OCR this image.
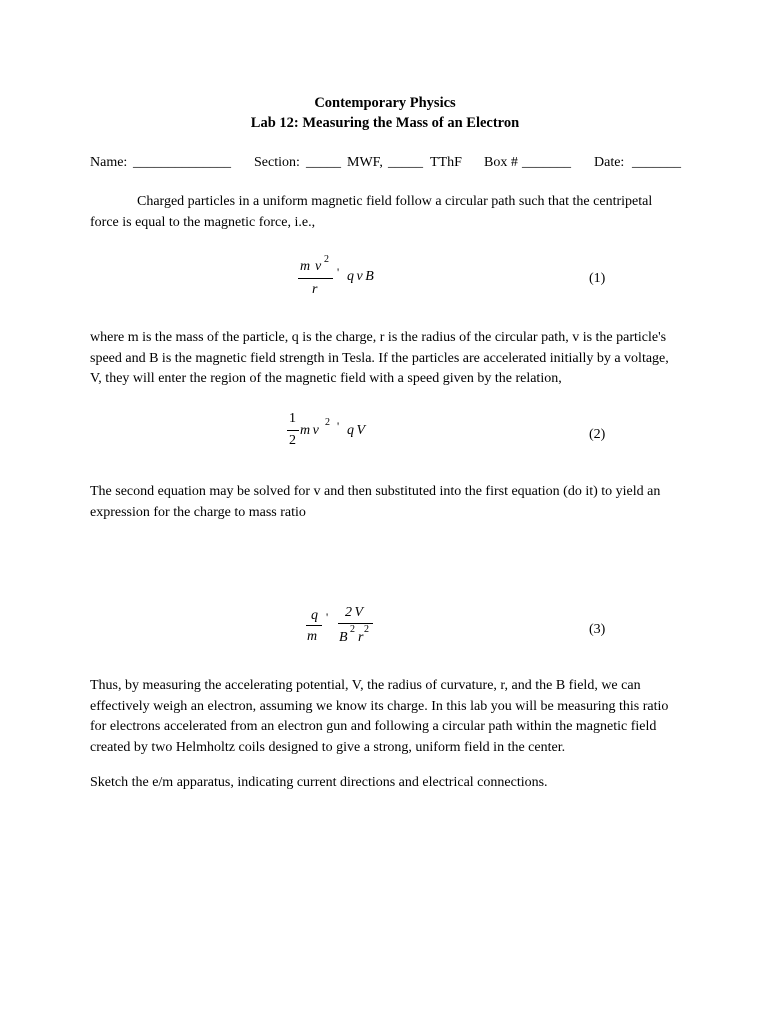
Contemporary Physics
Lab 12: Measuring the Mass of an Electron
Name: ______________ Section: _____ MWF, _____ TThF Box # _______ Date: _______

Charged particles in a uniform magnetic field follow a circular path such that the centripetal

force is equal to the magnetic force, i.e.,

m v 2
r
' q v B	(1)

where m is the mass of the particle, q is the charge, r is the radius of the circular path, v is the particle's

speed and B is the magnetic field strength in Tesla. If the particles are accelerated initially by a voltage,

V, they will enter the region of the magnetic field with a speed given by the relation,

1
2
m v
2 ' q V	(2)

The second equation may be solved for v and then substituted into the first equation (do it) to yield an

expression for the charge to mass ratio

q
m
' 2 V
B
2
r
2	(3)

Thus, by measuring the accelerating potential, V, the radius of curvature, r, and the B field, we can

effectively weigh an electron, assuming we know its charge. In this lab you will be measuring this ratio

for electrons accelerated from an electron gun and following a circular path within the magnetic field

created by two Helmholtz coils designed to give a strong, uniform field in the center.

Sketch the e/m apparatus, indicating current directions and electrical connections.
